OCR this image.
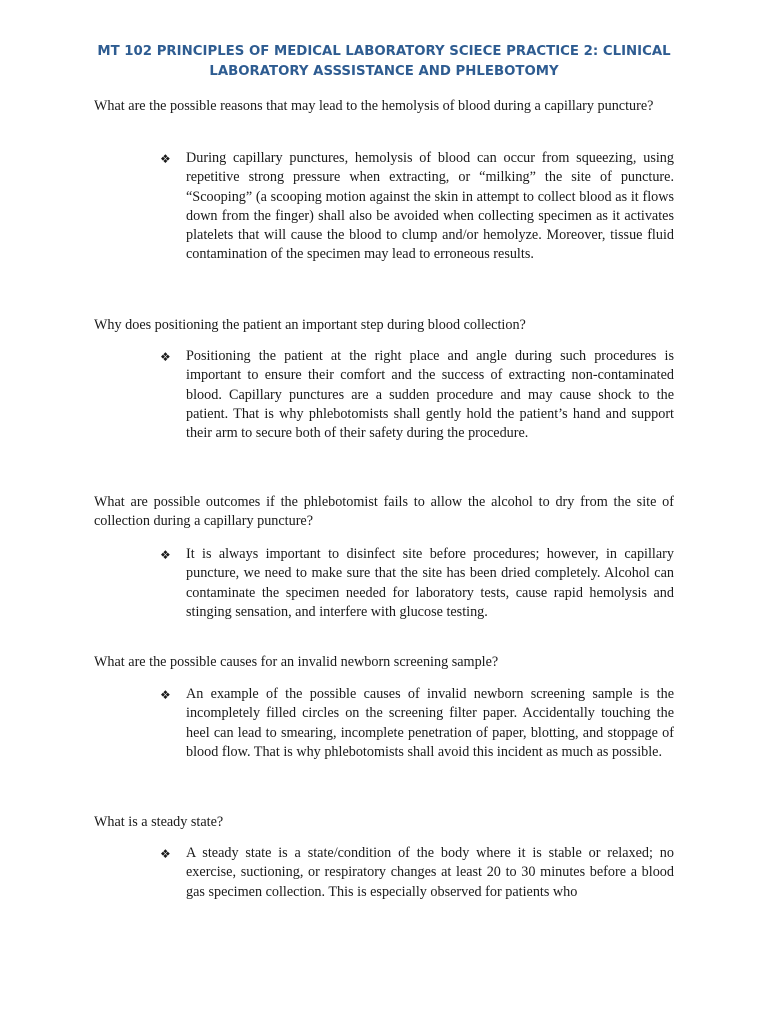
MT 102 PRINCIPLES OF MEDICAL LABORATORY SCIECE PRACTICE 2: CLINICAL LABORATORY ASSSISTANCE AND PHLEBOTOMY
What are the possible reasons that may lead to the hemolysis of blood during a capillary puncture?
❖	During capillary punctures, hemolysis of blood can occur from squeezing, using repetitive strong pressure when extracting, or “milking” the site of puncture. “Scooping” (a scooping motion against the skin in attempt to collect blood as it flows down from the finger) shall also be avoided when collecting specimen as it activates platelets that will cause the blood to clump and/or hemolyze. Moreover, tissue fluid contamination of the specimen may lead to erroneous results.
Why does positioning the patient an important step during blood collection?
❖	Positioning the patient at the right place and angle during such procedures is important to ensure their comfort and the success of extracting non-contaminated blood. Capillary punctures are a sudden procedure and may cause shock to the patient. That is why phlebotomists shall gently hold the patient’s hand and support their arm to secure both of their safety during the procedure.
What are possible outcomes if the phlebotomist fails to allow the alcohol to dry from the site of collection during a capillary puncture?
❖	It is always important to disinfect site before procedures; however, in capillary puncture, we need to make sure that the site has been dried completely. Alcohol can contaminate the specimen needed for laboratory tests, cause rapid hemolysis and stinging sensation, and interfere with glucose testing.
What are the possible causes for an invalid newborn screening sample?
❖	An example of the possible causes of invalid newborn screening sample is the incompletely filled circles on the screening filter paper. Accidentally touching the heel can lead to smearing, incomplete penetration of paper, blotting, and stoppage of blood flow. That is why phlebotomists shall avoid this incident as much as possible.
What is a steady state?
❖	A steady state is a state/condition of the body where it is stable or relaxed; no exercise, suctioning, or respiratory changes at least 20 to 30 minutes before a blood gas specimen collection. This is especially observed for patients who
